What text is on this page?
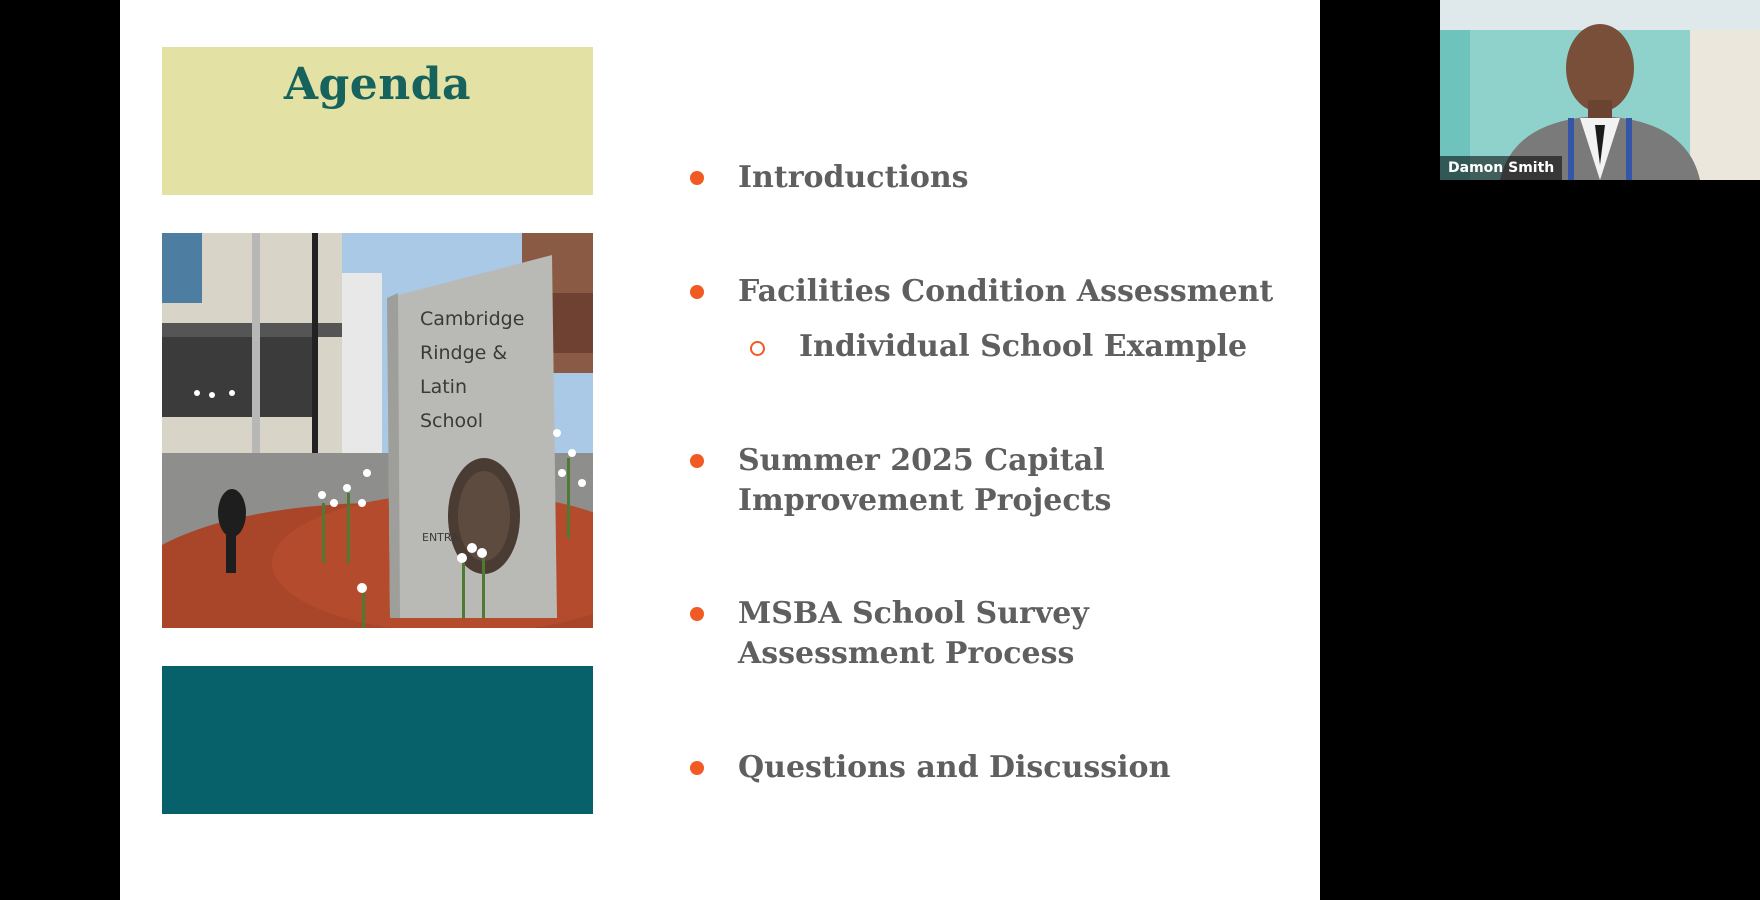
Agenda
Cambridge
Rindge &
Latin
School
ENTRA
Introductions
Facilities Condition Assessment
Individual School Example
Summer 2025 Capital
Improvement Projects
MSBA School Survey
Assessment Process
Questions and Discussion
Damon Smith
